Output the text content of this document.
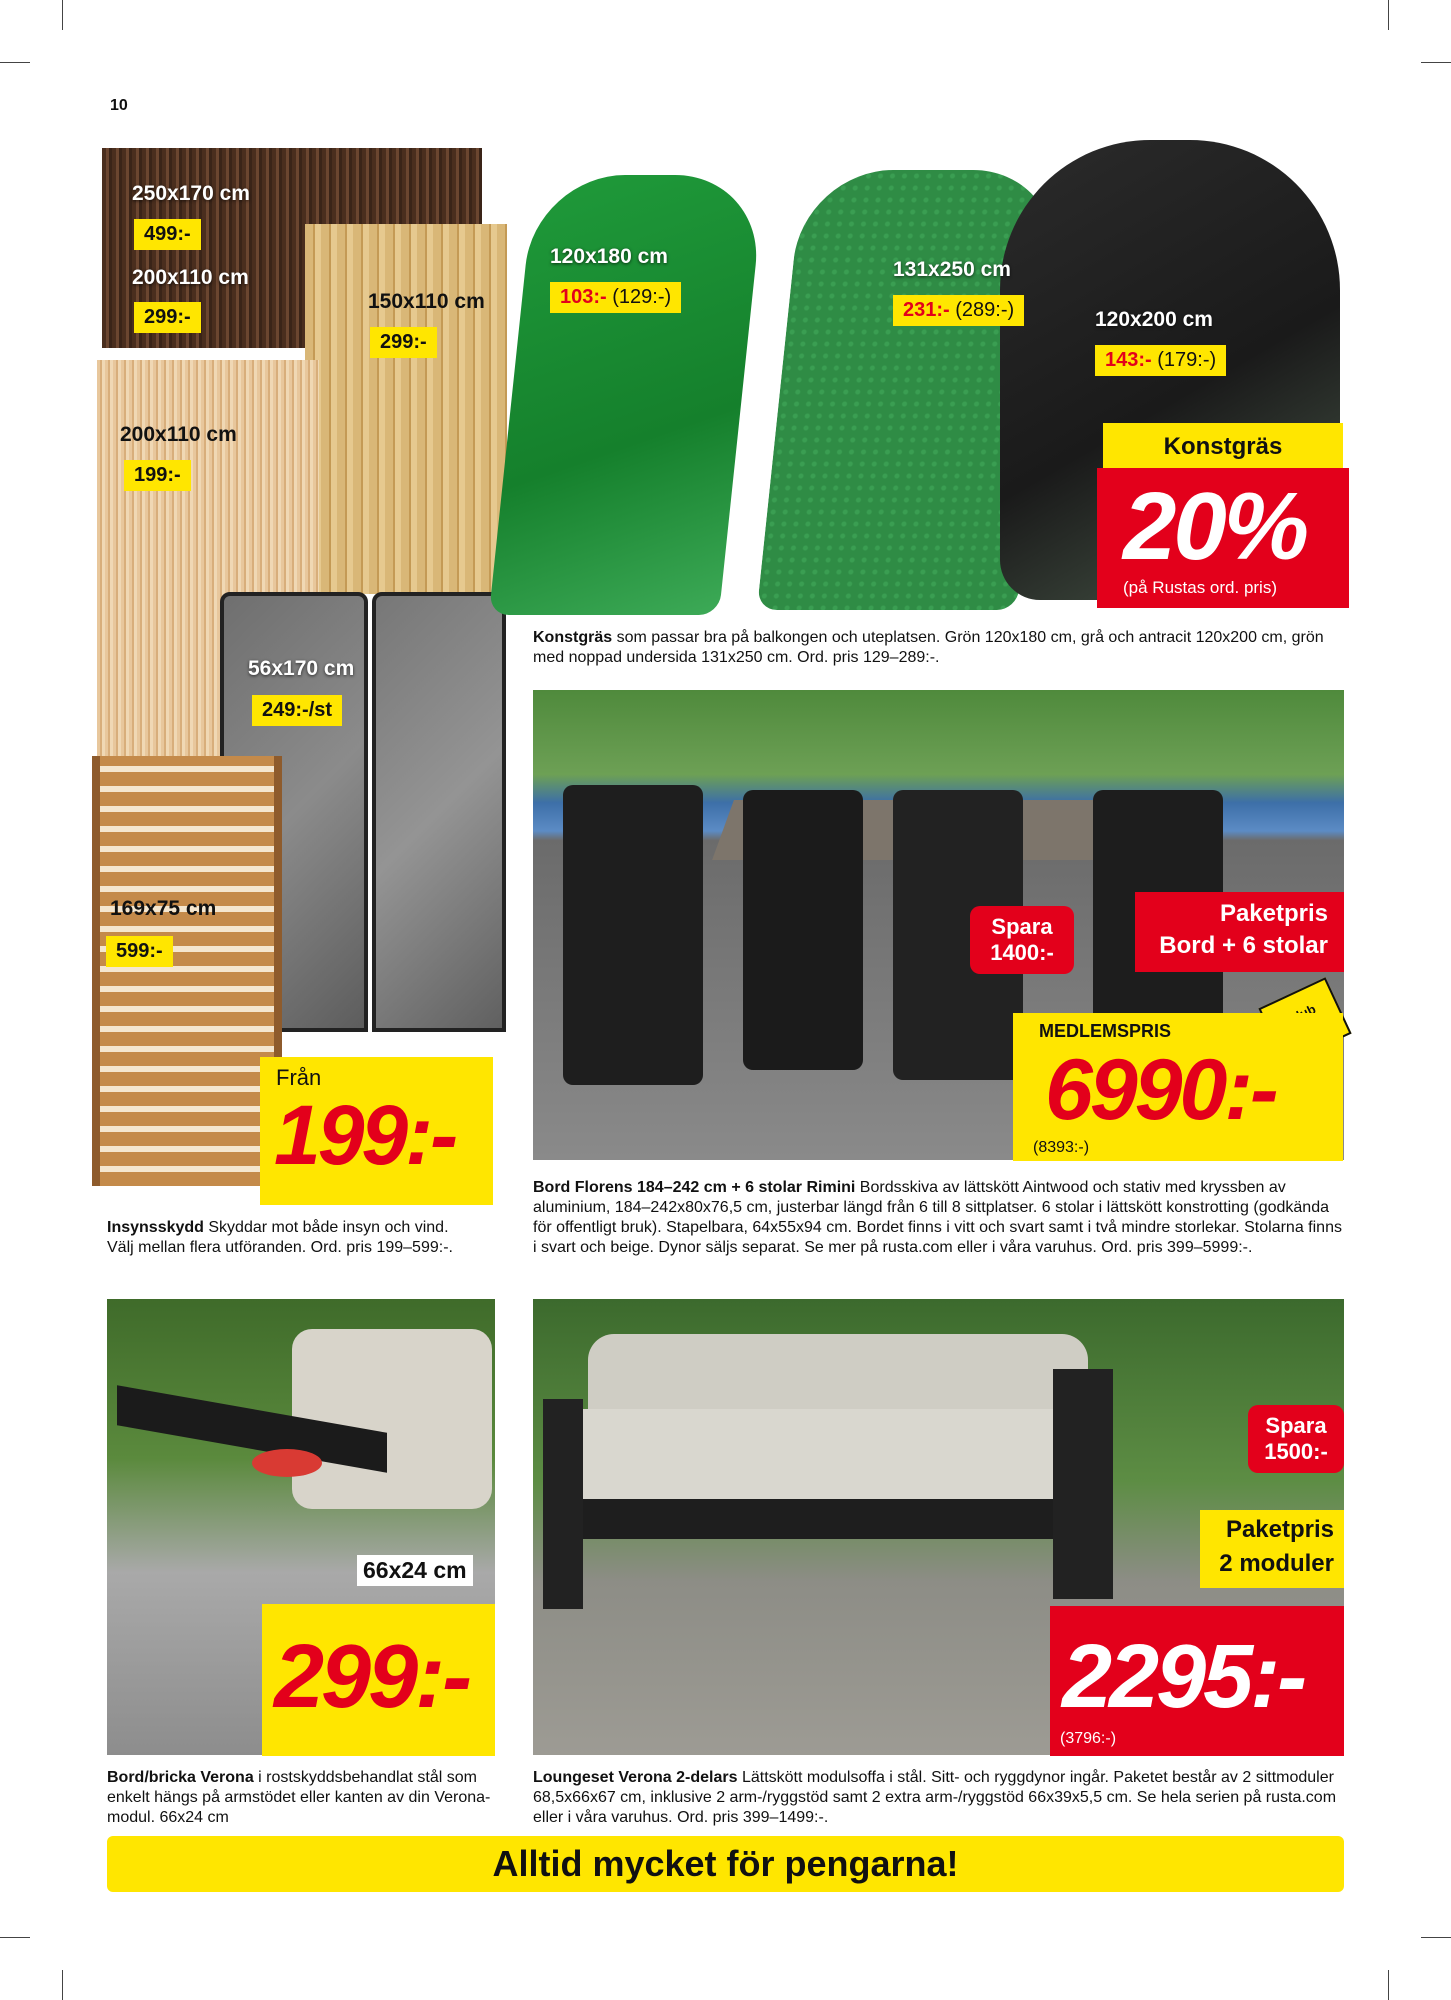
10
250x170 cm
499:-
200x110 cm
299:-
150x110 cm
299:-
200x110 cm
199:-
56x170 cm
249:-/st
169x75 cm
599:-
Från
199:-
Insynsskydd Skyddar mot både insyn och vind. Välj mellan flera utföranden. Ord. pris 199–599:-.
120x180 cm
103:- (129:-)
131x250 cm
231:- (289:-)	120x200 cm
143:- (179:-)
Konstgräs
20%
(på Rustas ord. pris)
Konstgräs som passar bra på balkongen och uteplatsen. Grön 120x180 cm, grå och antracit 120x200 cm, grön med noppad undersida 131x250 cm. Ord. pris 129–289:-.
Spara 1400:-
Paketpris
Bord + 6 stolar
MEDLEMSPRIS
6990:-
(8393:-)
Bord Florens 184–242 cm + 6 stolar Rimini Bordsskiva av lättskött Aintwood och stativ med kryssben av aluminium, 184–242x80x76,5 cm, justerbar längd från 6 till 8 sittplatser. 6 stolar i lättskött konstrotting (godkända för offentligt bruk). Stapelbara, 64x55x94 cm. Bordet finns i vitt och svart samt i två mindre storlekar. Stolarna finns i svart och beige. Dynor säljs separat. Se mer på rusta.com eller i våra varuhus. Ord. pris 399–5999:-.
66x24 cm
299:-
Bord/bricka Verona i rostskyddsbehandlat stål som enkelt hängs på armstödet eller kanten av din Verona-modul. 66x24 cm
Spara 1500:-
Paketpris
2 moduler
2295:-
(3796:-)
Loungeset Verona 2-delars Lättskött modulsoffa i stål. Sitt- och ryggdynor ingår. Paketet består av 2 sittmoduler 68,5x66x67 cm, inklusive 2 arm-/ryggstöd samt 2 extra arm-/ryggstöd 66x39x5,5 cm. Se hela serien på rusta.com eller i våra varuhus. Ord. pris 399–1499:-.
Alltid mycket för pengarna!
